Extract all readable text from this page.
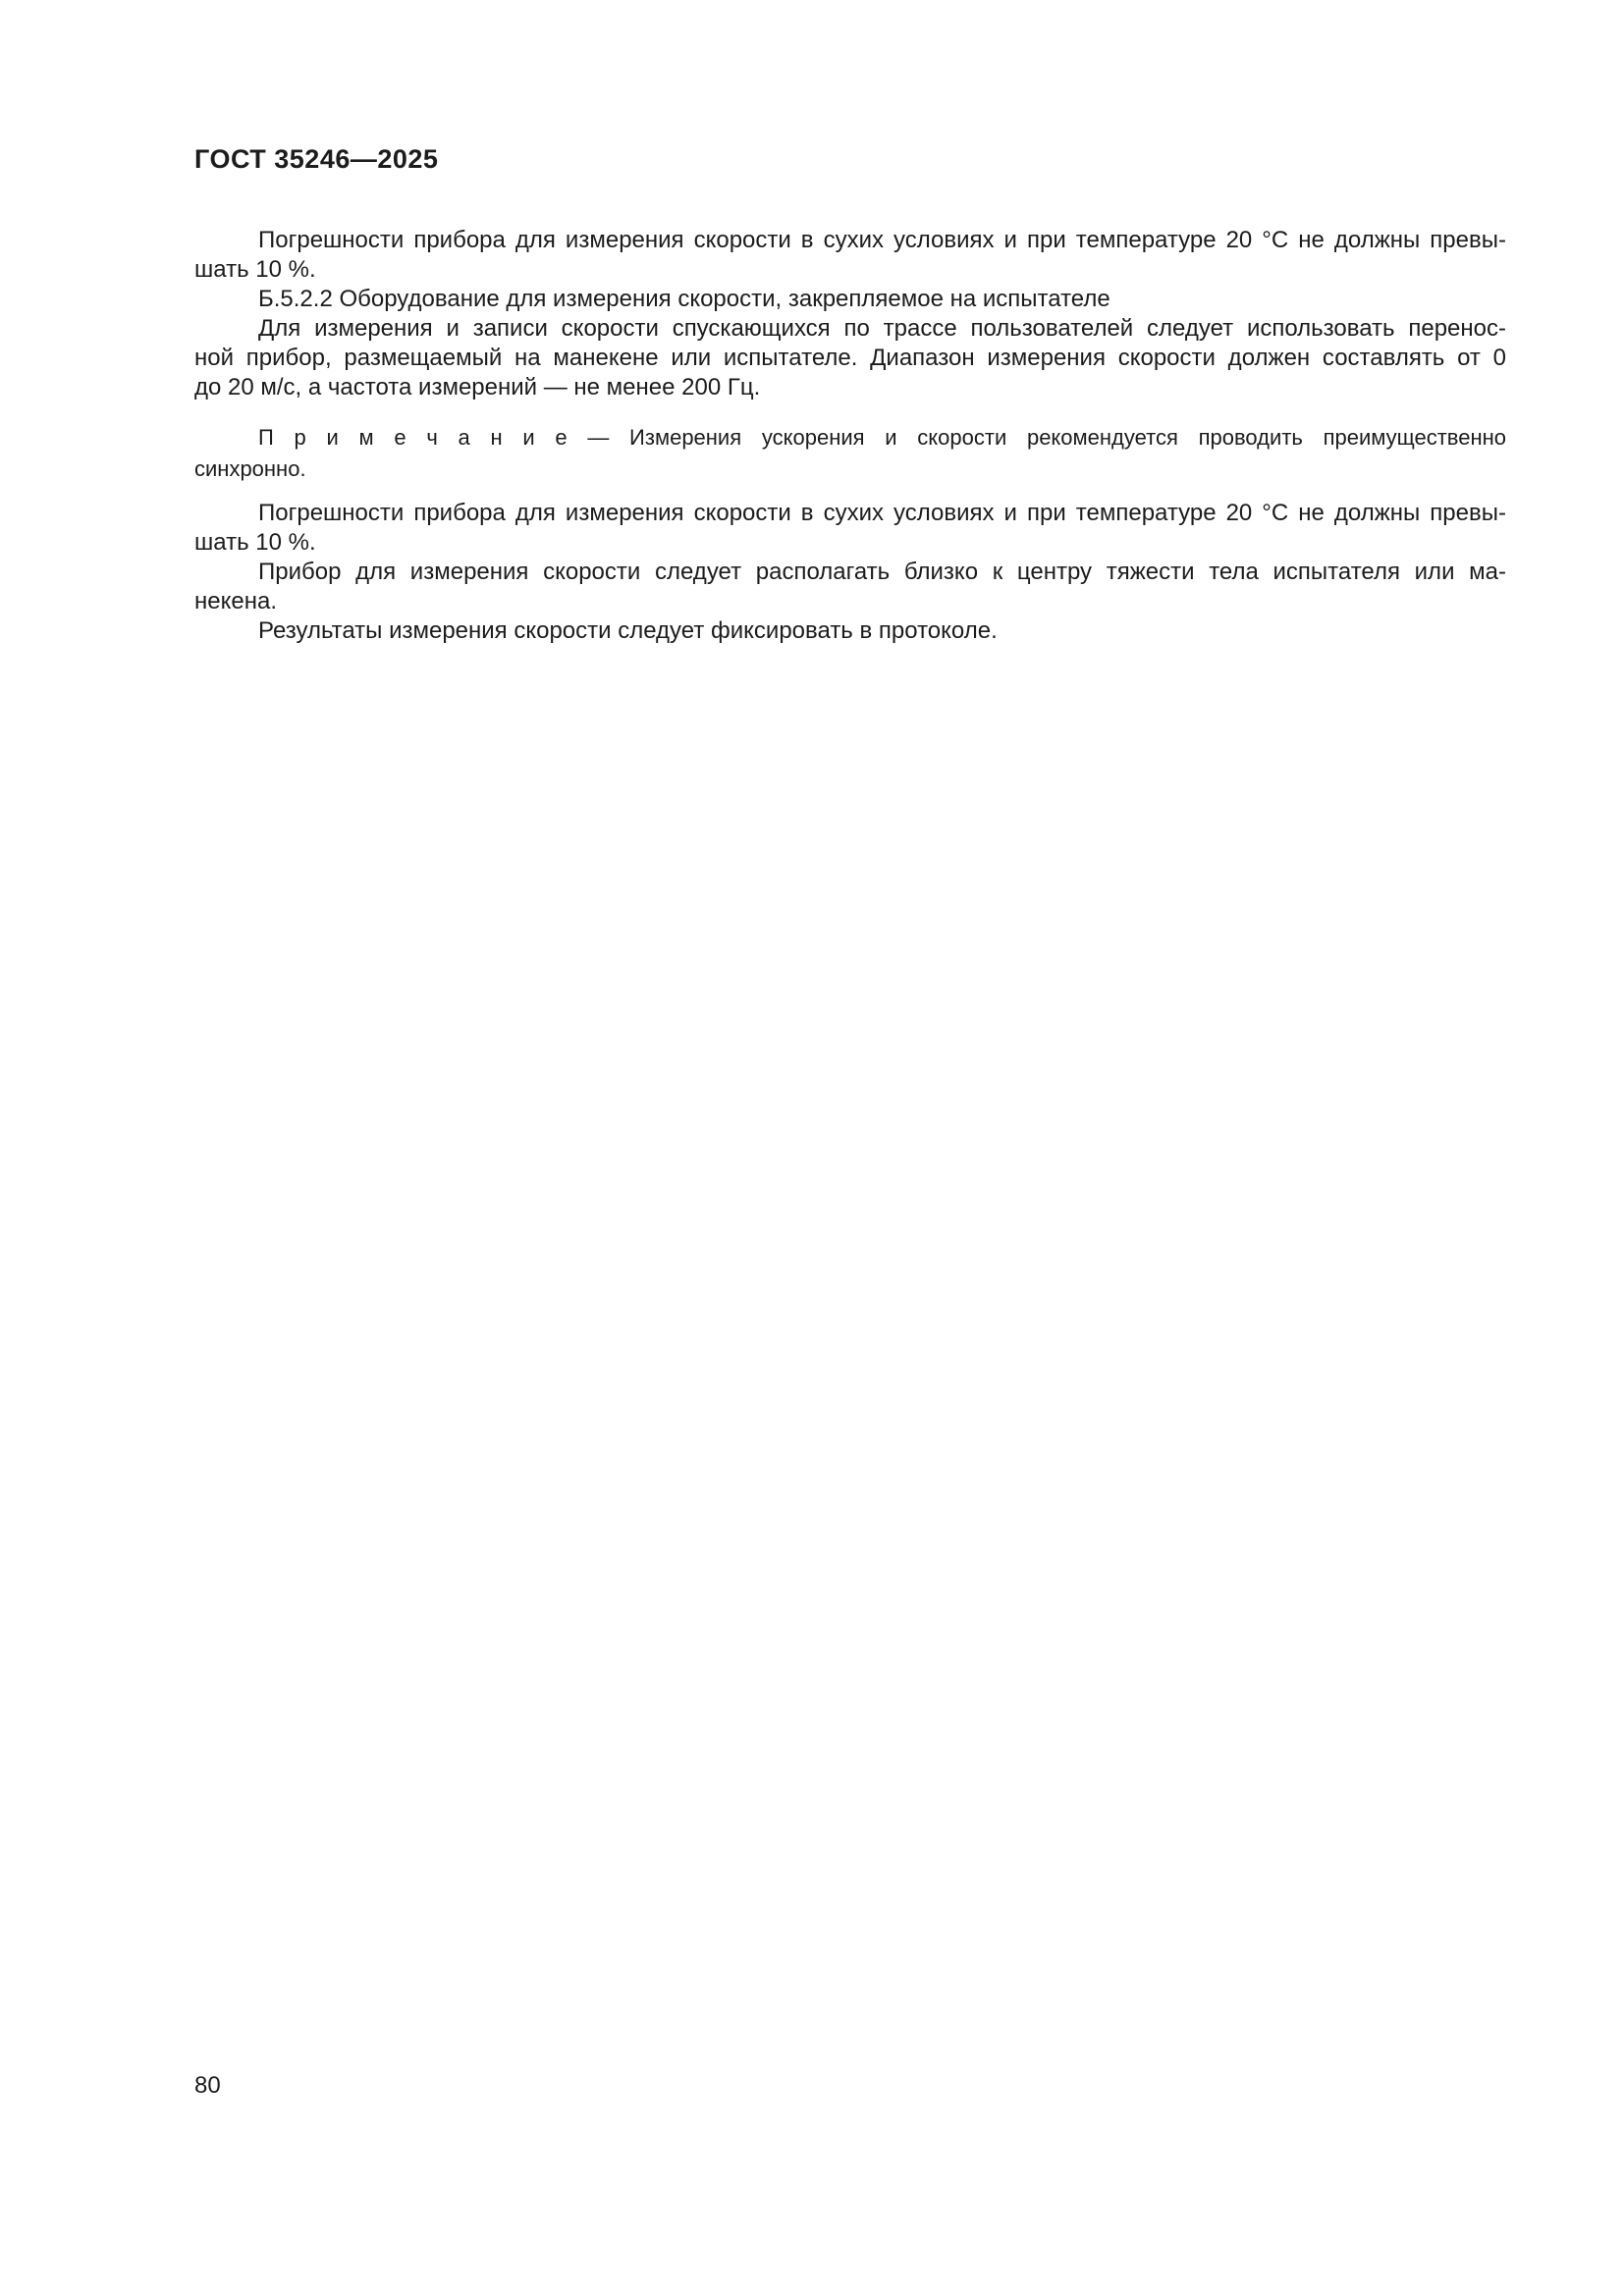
ГОСТ 35246—2025
Погрешности прибора для измерения скорости в сухих условиях и при температуре 20 °С не должны превы-
шать 10 %.
Б.5.2.2 Оборудование для измерения скорости, закрепляемое на испытателе
Для измерения и записи скорости спускающихся по трассе пользователей следует использовать перенос-
ной прибор, размещаемый на манекене или испытателе. Диапазон измерения скорости должен составлять от 0
до 20 м/с, а частота измерений — не менее 200 Гц.
П р и м е ч а н и е — Измерения ускорения и скорости рекомендуется проводить преимущественно
синхронно.
Погрешности прибора для измерения скорости в сухих условиях и при температуре 20 °С не должны превы-
шать 10 %.
Прибор для измерения скорости следует располагать близко к центру тяжести тела испытателя или ма-
некена.
Результаты измерения скорости следует фиксировать в протоколе.
80
